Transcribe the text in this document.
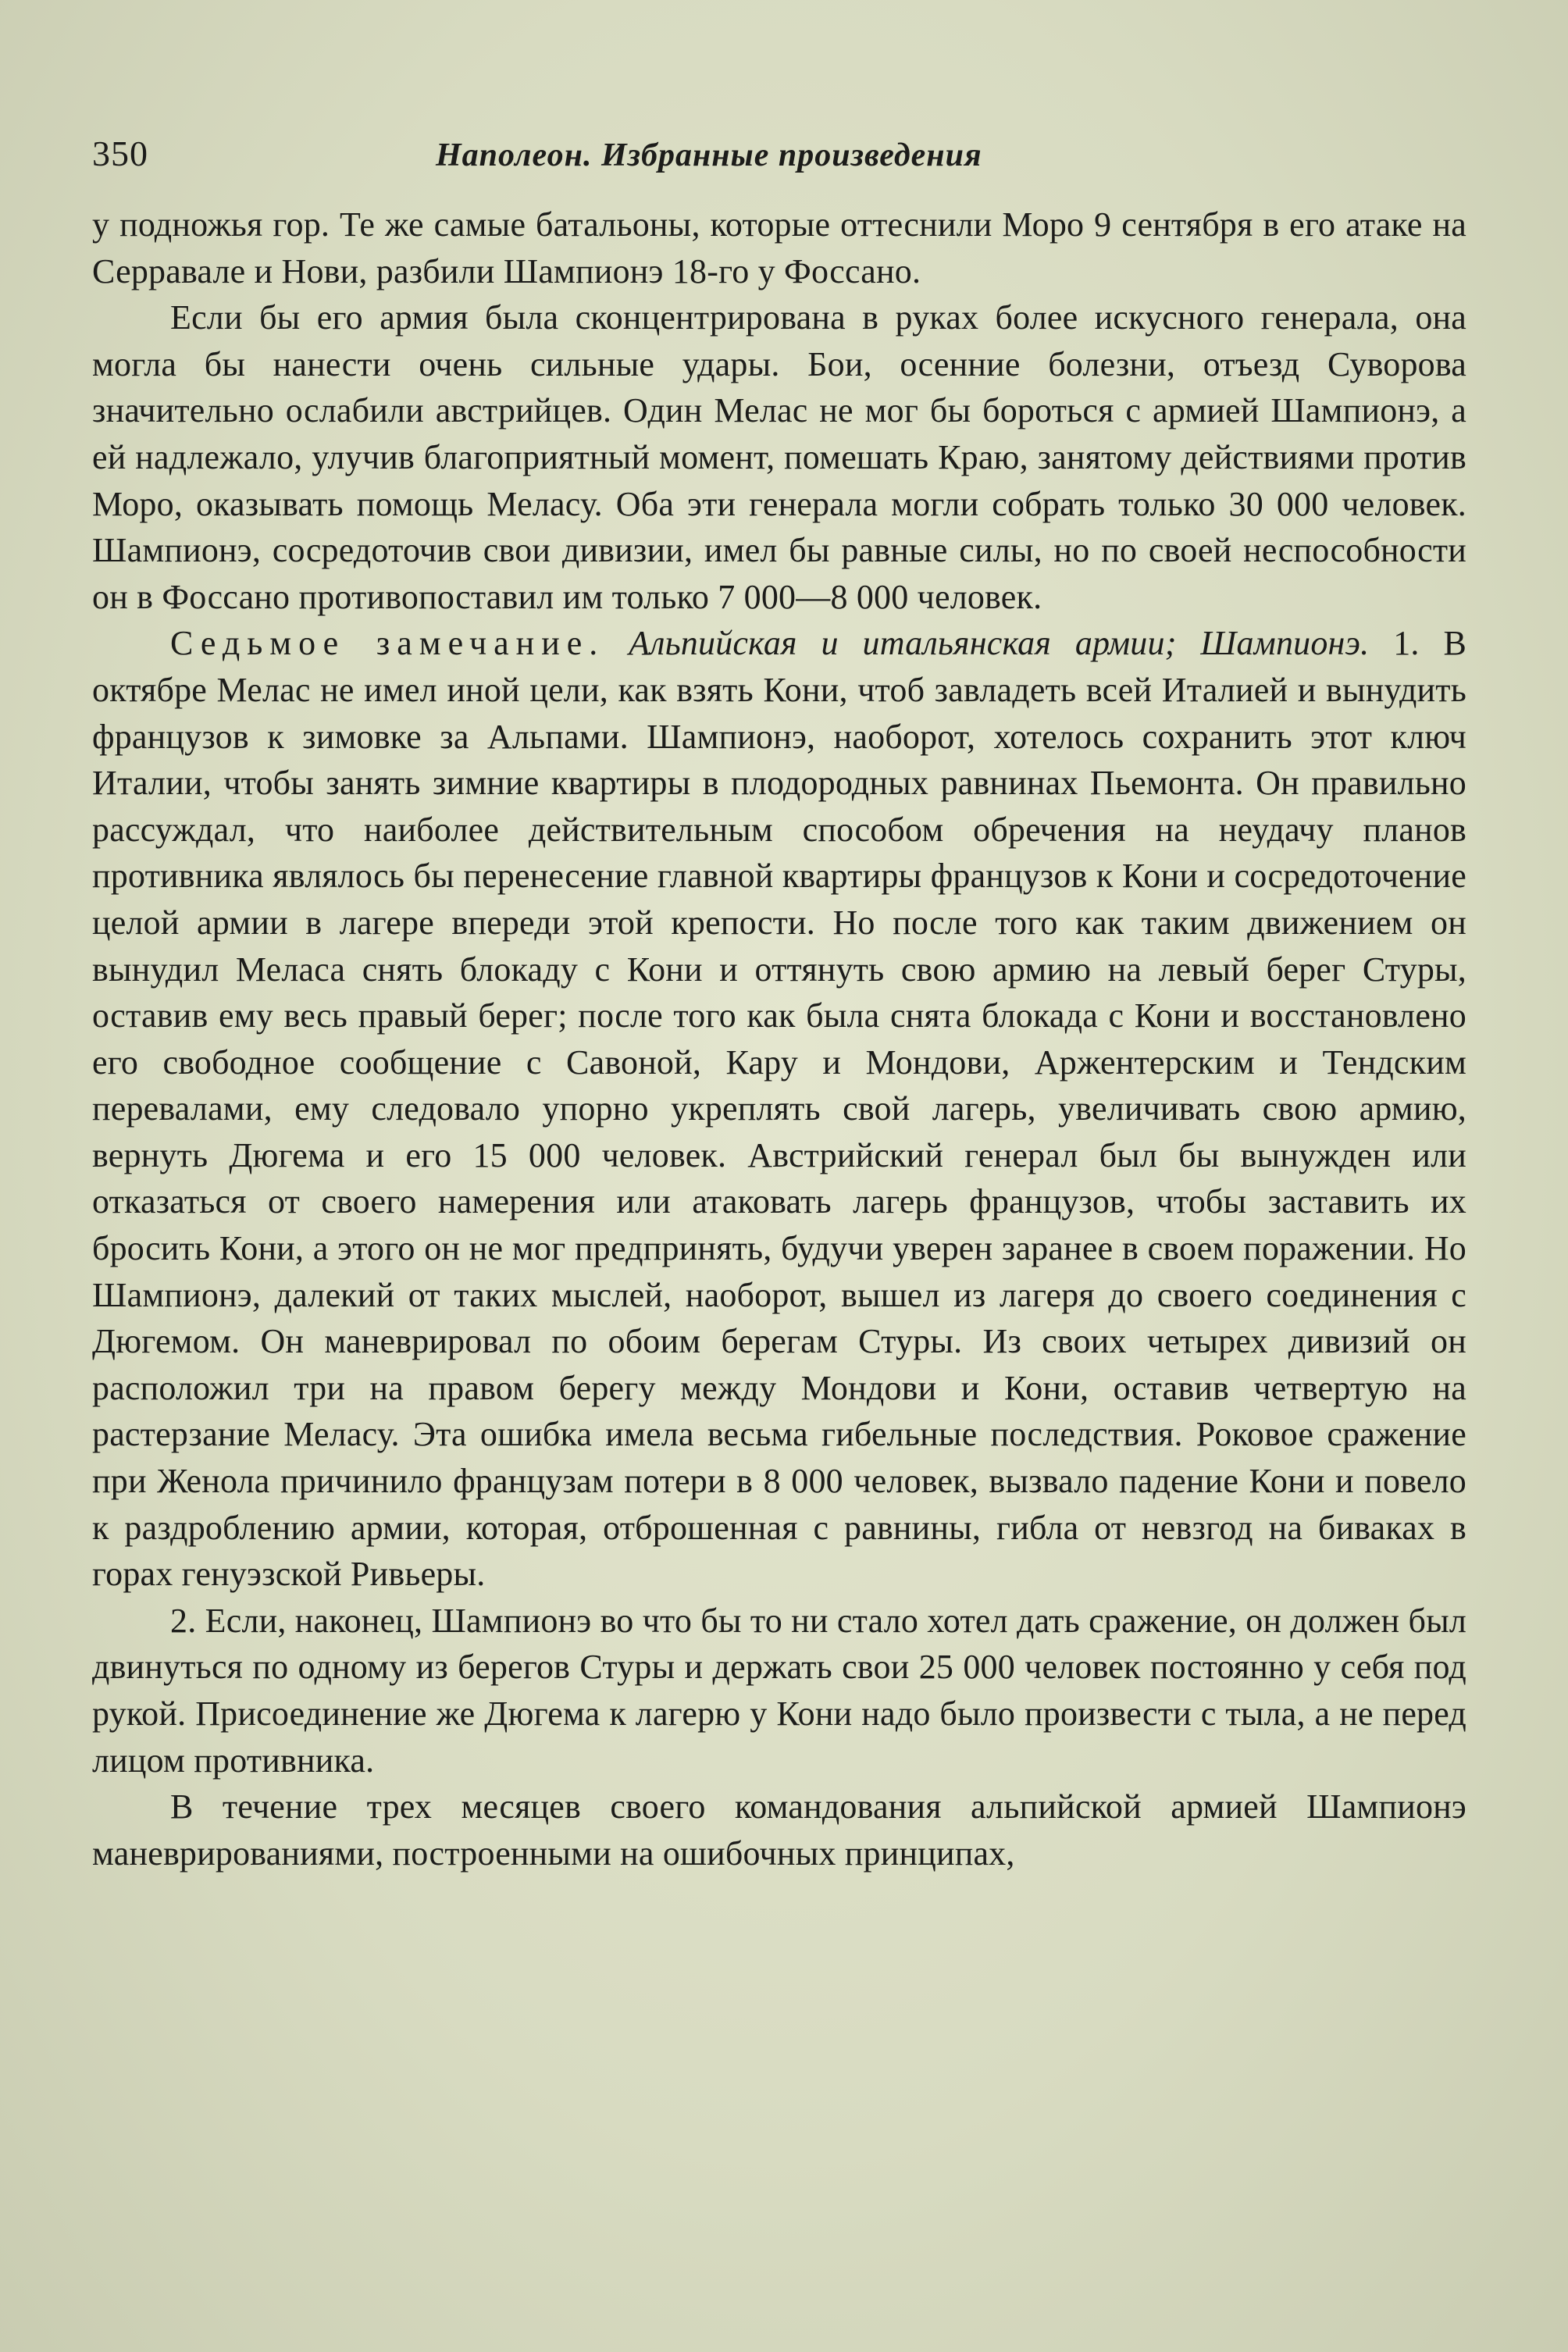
350	Наполеон. Избранные произведения

у подножья гор. Те же самые батальоны, которые оттеснили Моро 9 сентября в его атаке на Серравале и Нови, разбили Шампионэ 18-го у Фоссано.

Если бы его армия была сконцентрирована в руках более искусного генерала, она могла бы нанести очень сильные удары. Бои, осенние болезни, отъезд Суворова значительно ослабили австрийцев. Один Мелас не мог бы бороться с армией Шампионэ, а ей надлежало, улучив благоприятный момент, помешать Краю, занятому действиями против Моро, оказывать помощь Меласу. Оба эти генерала могли собрать только 30 000 человек. Шампионэ, сосредоточив свои дивизии, имел бы равные силы, но по своей неспособности он в Фоссано противопоставил им только 7 000—8 000 человек.

Седьмое замечание. Альпийская и итальянская армии; Шампионэ. 1. В октябре Мелас не имел иной цели, как взять Кони, чтоб завладеть всей Италией и вынудить французов к зимовке за Альпами. Шампионэ, наоборот, хотелось сохранить этот ключ Италии, чтобы занять зимние квартиры в плодородных равнинах Пьемонта. Он правильно рассуждал, что наиболее действительным способом обречения на неудачу планов противника являлось бы перенесение главной квартиры французов к Кони и сосредоточение целой армии в лагере впереди этой крепости. Но после того как таким движением он вынудил Меласа снять блокаду с Кони и оттянуть свою армию на левый берег Стуры, оставив ему весь правый берег; после того как была снята блокада с Кони и восстановлено его свободное сообщение с Савоной, Кару и Мондови, Аржентерским и Тендским перевалами, ему следовало упорно укреплять свой лагерь, увеличивать свою армию, вернуть Дюгема и его 15 000 человек. Австрийский генерал был бы вынужден или отказаться от своего намерения или атаковать лагерь французов, чтобы заставить их бросить Кони, а этого он не мог предпринять, будучи уверен заранее в своем поражении. Но Шампионэ, далекий от таких мыслей, наоборот, вышел из лагеря до своего соединения с Дюгемом. Он маневрировал по обоим берегам Стуры. Из своих четырех дивизий он расположил три на правом берегу между Мондови и Кони, оставив четвертую на растерзание Меласу. Эта ошибка имела весьма гибельные последствия. Роковое сражение при Женола причинило французам потери в 8 000 человек, вызвало падение Кони и повело к раздроблению армии, которая, отброшенная с равнины, гибла от невзгод на биваках в горах генуэзской Ривьеры.

2. Если, наконец, Шампионэ во что бы то ни стало хотел дать сражение, он должен был двинуться по одному из берегов Стуры и держать свои 25 000 человек постоянно у себя под рукой. Присоединение же Дюгема к лагерю у Кони надо было произвести с тыла, а не перед лицом противника.

В течение трех месяцев своего командования альпийской армией Шампионэ маневрированиями, построенными на ошибочных принципах,
